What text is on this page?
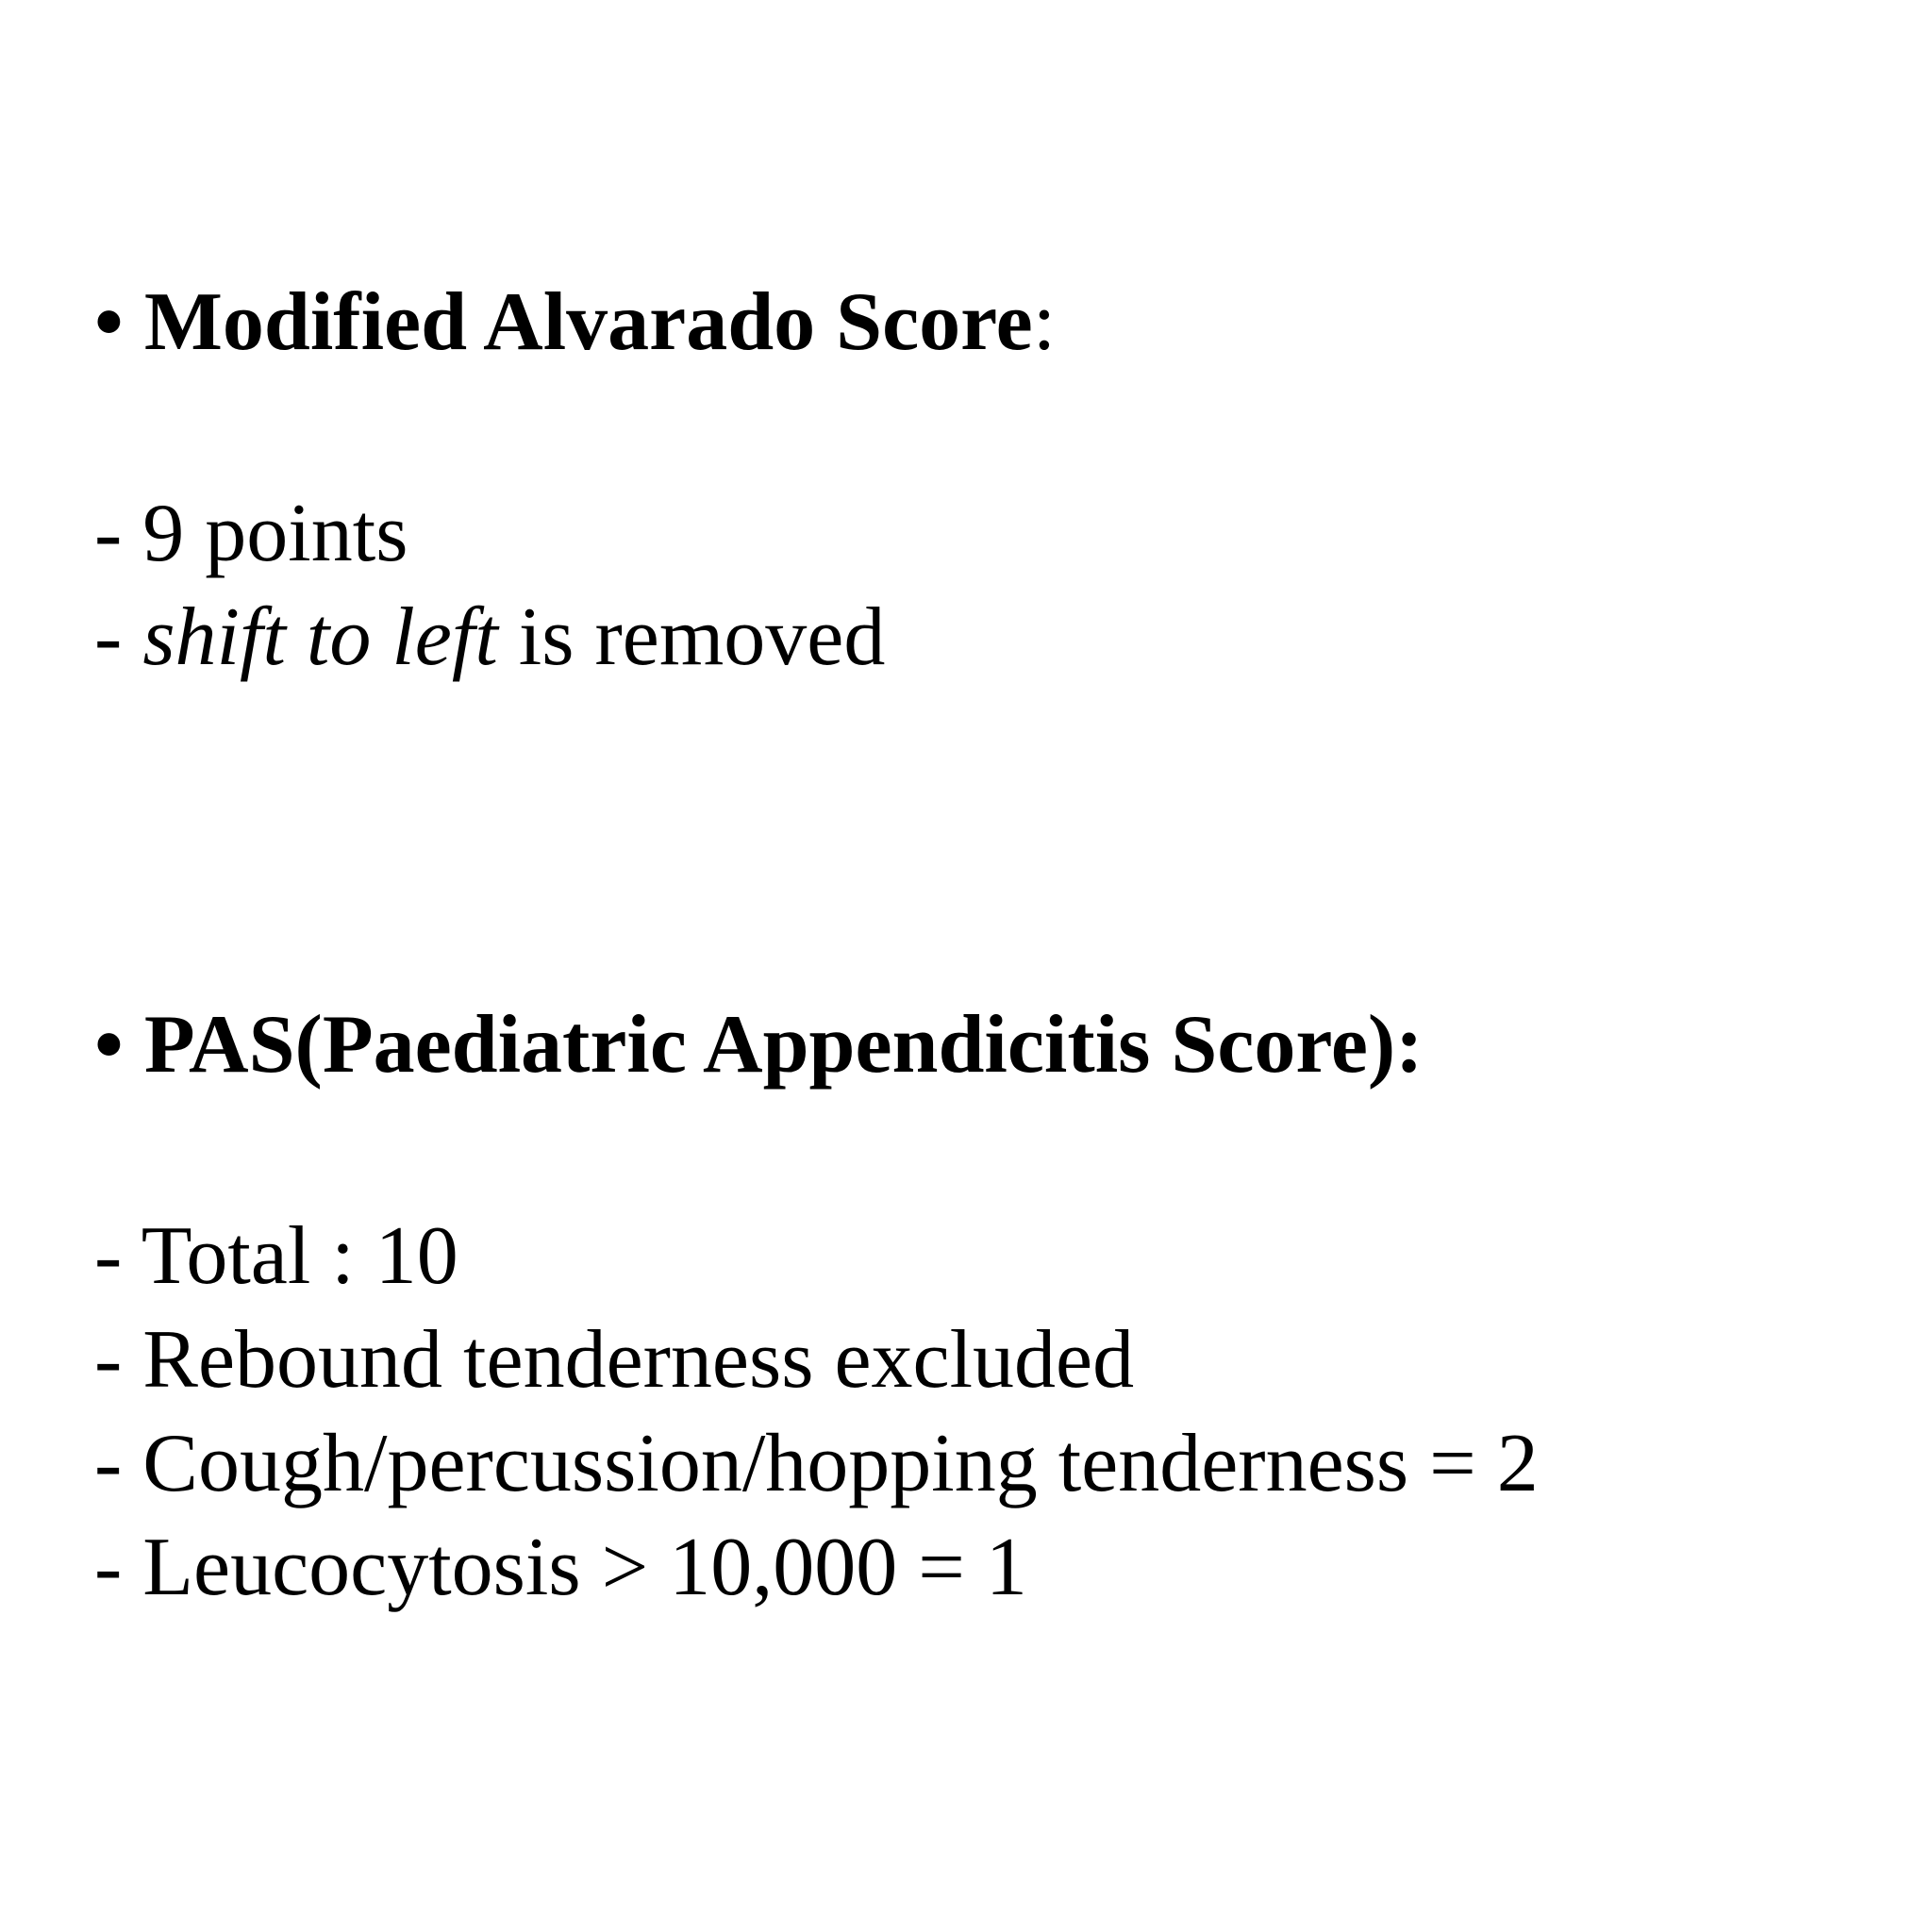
• Modified Alvarado Score:
- 9 points
- shift to left is removed
• PAS(Paediatric Appendicitis Score):
- Total : 10
- Rebound tenderness excluded
- Cough/percussion/hopping tenderness = 2
- Leucocytosis > 10,000 = 1
